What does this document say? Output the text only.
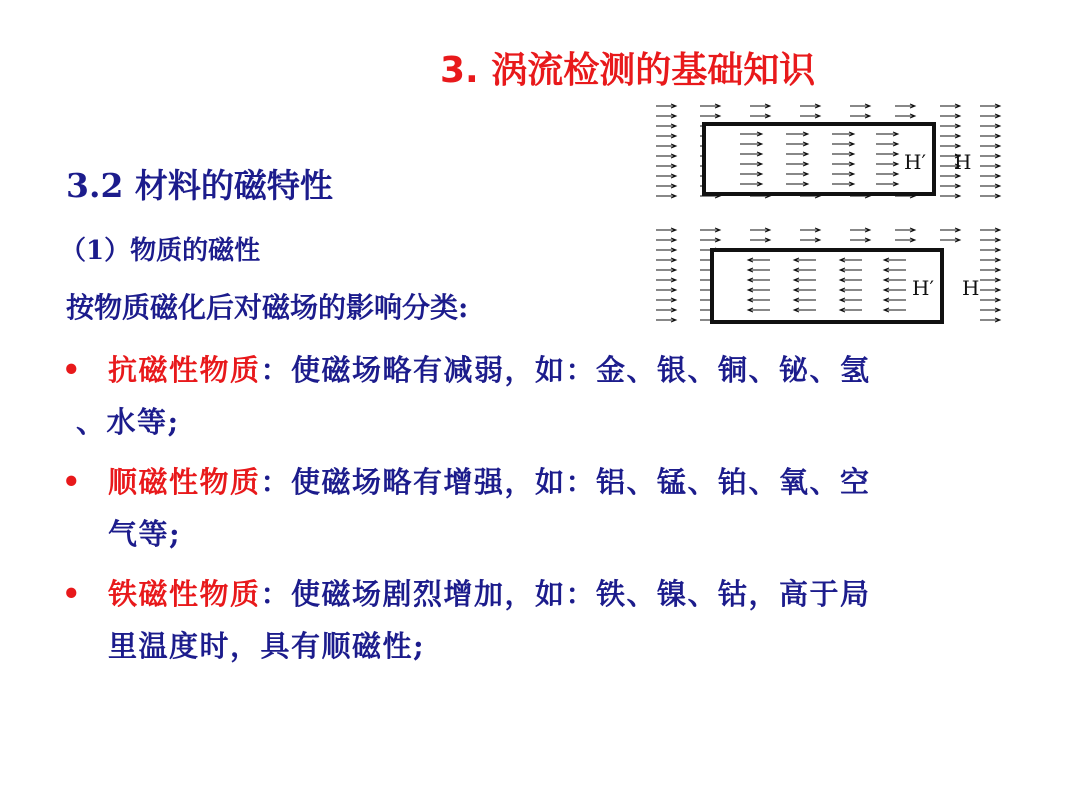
3. 涡流检测的基础知识
3.2 材料的磁特性
（1）物质的磁性
按物质磁化后对磁场的影响分类:
• 抗磁性物质：使磁场略有减弱，如：金、银、铜、铋、氢
、水等;
• 顺磁性物质：使磁场略有增强，如：铝、锰、铂、氧、空
气等;
• 铁磁性物质：使磁场剧烈增加，如：铁、镍、钴，高于局
里温度时，具有顺磁性;
H′ H
H′ H
